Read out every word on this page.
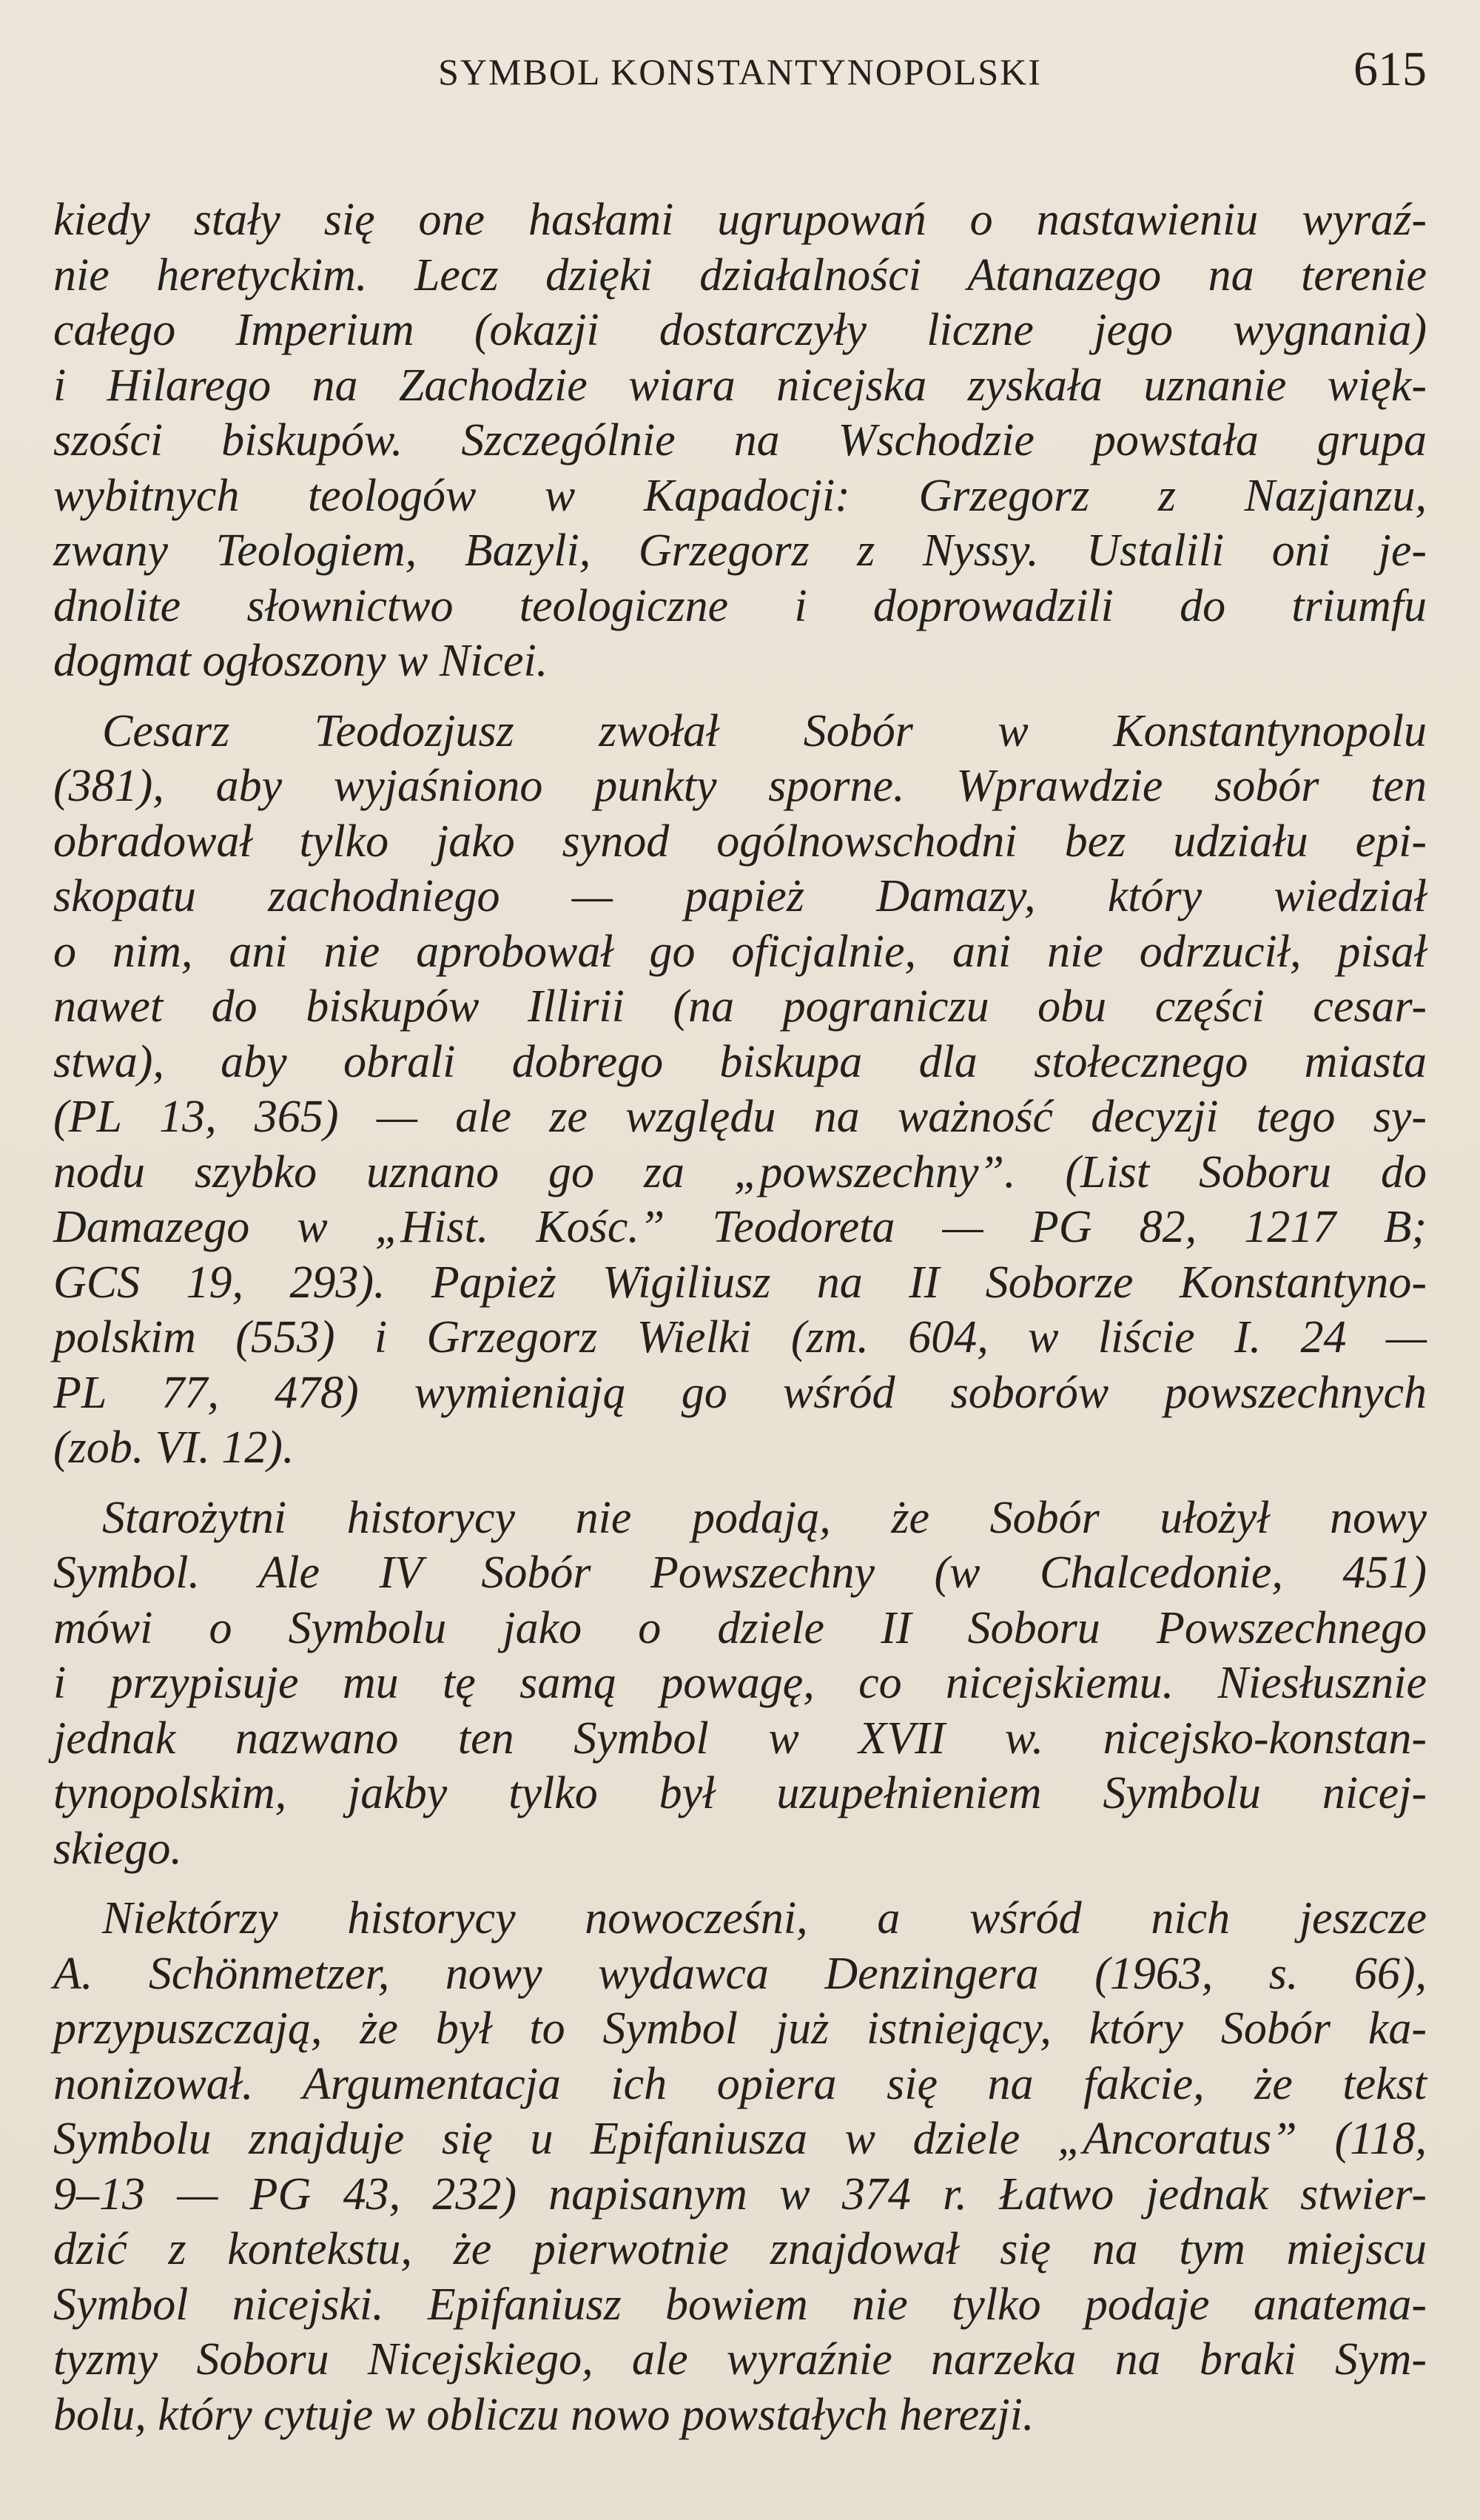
SYMBOL KONSTANTYNOPOLSKI	615
kiedy stały się one hasłami ugrupowań o nastawieniu wyraź-
nie heretyckim. Lecz dzięki działalności Atanazego na terenie
całego Imperium (okazji dostarczyły liczne jego wygnania)
i Hilarego na Zachodzie wiara nicejska zyskała uznanie więk-
szości biskupów. Szczególnie na Wschodzie powstała grupa
wybitnych teologów w Kapadocji: Grzegorz z Nazjanzu,
zwany Teologiem, Bazyli, Grzegorz z Nyssy. Ustalili oni je-
dnolite słownictwo teologiczne i doprowadzili do triumfu
dogmat ogłoszony w Nicei.
Cesarz Teodozjusz zwołał Sobór w Konstantynopolu
(381), aby wyjaśniono punkty sporne. Wprawdzie sobór ten
obradował tylko jako synod ogólnowschodni bez udziału epi-
skopatu zachodniego — papież Damazy, który wiedział
o nim, ani nie aprobował go oficjalnie, ani nie odrzucił, pisał
nawet do biskupów Illirii (na pograniczu obu części cesar-
stwa), aby obrali dobrego biskupa dla stołecznego miasta
(PL 13, 365) — ale ze względu na ważność decyzji tego sy-
nodu szybko uznano go za „powszechny”. (List Soboru do
Damazego w „Hist. Kośc.” Teodoreta — PG 82, 1217 B;
GCS 19, 293). Papież Wigiliusz na II Soborze Konstantyno-
polskim (553) i Grzegorz Wielki (zm. 604, w liście I. 24 —
PL 77, 478) wymieniają go wśród soborów powszechnych
(zob. VI. 12).
Starożytni historycy nie podają, że Sobór ułożył nowy
Symbol. Ale IV Sobór Powszechny (w Chalcedonie, 451)
mówi o Symbolu jako o dziele II Soboru Powszechnego
i przypisuje mu tę samą powagę, co nicejskiemu. Niesłusznie
jednak nazwano ten Symbol w XVII w. nicejsko-konstan-
tynopolskim, jakby tylko był uzupełnieniem Symbolu nicej-
skiego.
Niektórzy historycy nowocześni, a wśród nich jeszcze
A. Schönmetzer, nowy wydawca Denzingera (1963, s. 66),
przypuszczają, że był to Symbol już istniejący, który Sobór ka-
nonizował. Argumentacja ich opiera się na fakcie, że tekst
Symbolu znajduje się u Epifaniusza w dziele „Ancoratus” (118,
9–13 — PG 43, 232) napisanym w 374 r. Łatwo jednak stwier-
dzić z kontekstu, że pierwotnie znajdował się na tym miejscu
Symbol nicejski. Epifaniusz bowiem nie tylko podaje anatema-
tyzmy Soboru Nicejskiego, ale wyraźnie narzeka na braki Sym-
bolu, który cytuje w obliczu nowo powstałych herezji.
